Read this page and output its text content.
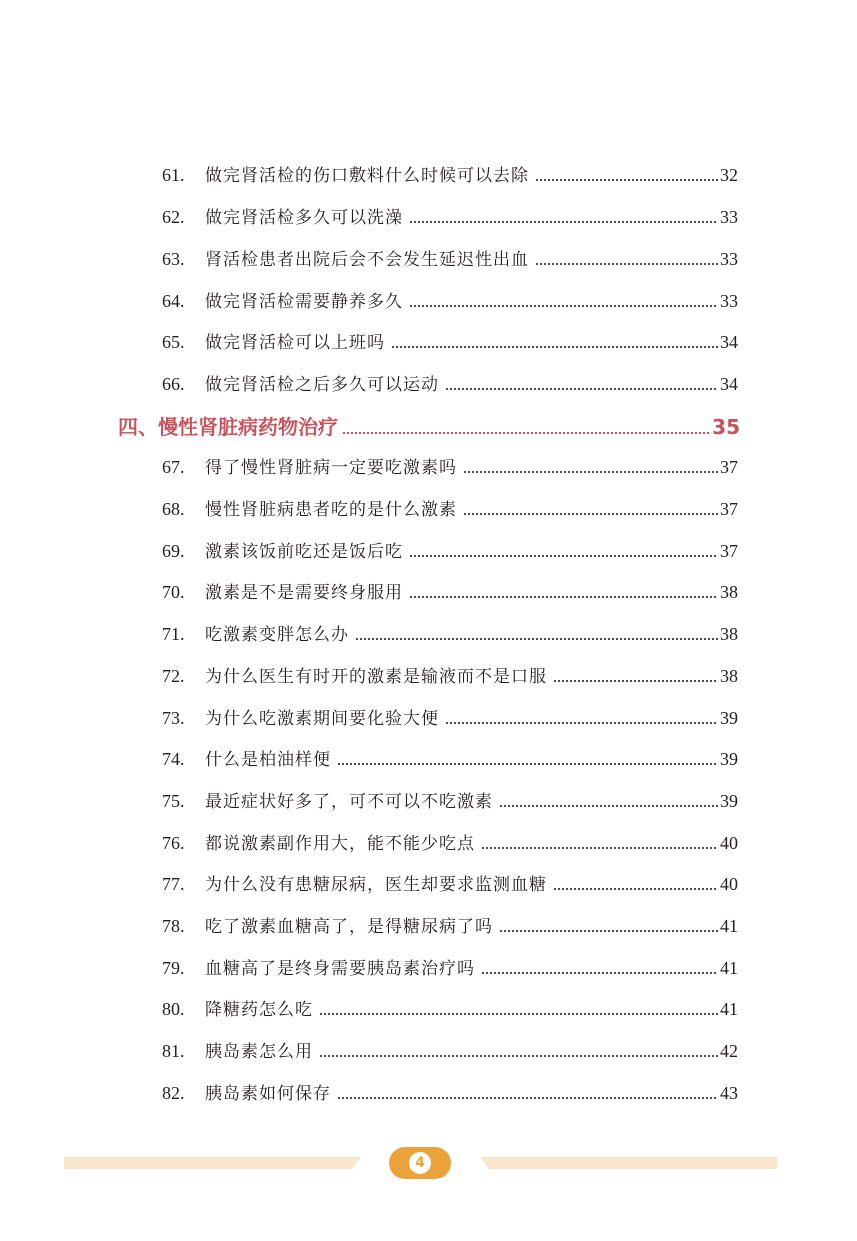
61.	做完肾活检的伤口敷料什么时候可以去除	32
62.	做完肾活检多久可以洗澡	33
63.	肾活检患者出院后会不会发生延迟性出血	33
64.	做完肾活检需要静养多久	33
65.	做完肾活检可以上班吗	34
66.	做完肾活检之后多久可以运动	34
四、慢性肾脏病药物治疗	35
67.	得了慢性肾脏病一定要吃激素吗	37
68.	慢性肾脏病患者吃的是什么激素	37
69.	激素该饭前吃还是饭后吃	37
70.	激素是不是需要终身服用	38
71.	吃激素变胖怎么办	38
72.	为什么医生有时开的激素是输液而不是口服	38
73.	为什么吃激素期间要化验大便	39
74.	什么是柏油样便	39
75.	最近症状好多了，可不可以不吃激素	39
76.	都说激素副作用大，能不能少吃点	40
77.	为什么没有患糖尿病，医生却要求监测血糖	40
78.	吃了激素血糖高了，是得糖尿病了吗	41
79.	血糖高了是终身需要胰岛素治疗吗	41
80.	降糖药怎么吃	41
81.	胰岛素怎么用	42
82.	胰岛素如何保存	43
4
